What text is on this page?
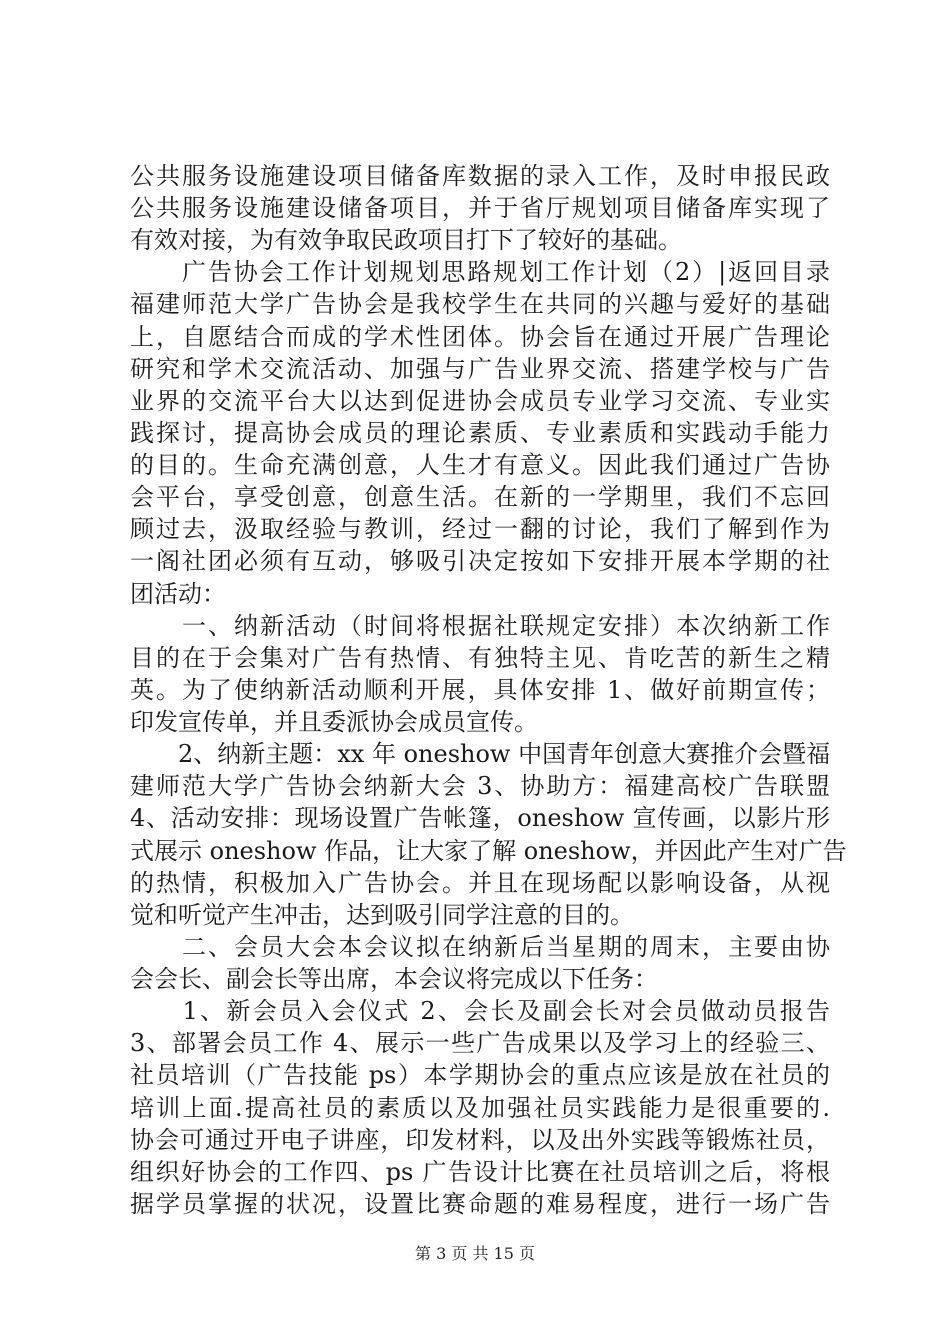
公共服务设施建设项目储备库数据的录入工作，及时申报民政
公共服务设施建设储备项目，并于省厅规划项目储备库实现了
有效对接，为有效争取民政项目打下了较好的基础。
　　广告协会工作计划规划思路规划工作计划（2）|返回目录
福建师范大学广告协会是我校学生在共同的兴趣与爱好的基础
上，自愿结合而成的学术性团体。协会旨在通过开展广告理论
研究和学术交流活动、加强与广告业界交流、搭建学校与广告
业界的交流平台大以达到促进协会成员专业学习交流、专业实
践探讨，提高协会成员的理论素质、专业素质和实践动手能力
的目的。生命充满创意，人生才有意义。因此我们通过广告协
会平台，享受创意，创意生活。在新的一学期里，我们不忘回
顾过去，汲取经验与教训，经过一翻的讨论，我们了解到作为
一阁社团必须有互动，够吸引决定按如下安排开展本学期的社
团活动：
　　一、纳新活动（时间将根据社联规定安排）本次纳新工作
目的在于会集对广告有热情、有独特主见、肯吃苦的新生之精
英。为了使纳新活动顺利开展，具体安排 1、做好前期宣传；
印发宣传单，并且委派协会成员宣传。
　　2、纳新主题：xx 年 oneshow 中国青年创意大赛推介会暨福
建师范大学广告协会纳新大会 3、协助方：福建高校广告联盟
4、活动安排：现场设置广告帐篷，oneshow 宣传画，以影片形
式展示 oneshow 作品，让大家了解 oneshow，并因此产生对广告
的热情，积极加入广告协会。并且在现场配以影响设备，从视
觉和听觉产生冲击，达到吸引同学注意的目的。
　　二、会员大会本会议拟在纳新后当星期的周末，主要由协
会会长、副会长等出席，本会议将完成以下任务：
　　1、新会员入会仪式 2、会长及副会长对会员做动员报告
3、部署会员工作 4、展示一些广告成果以及学习上的经验三、
社员培训（广告技能 ps）本学期协会的重点应该是放在社员的
培训上面.提高社员的素质以及加强社员实践能力是很重要的.
协会可通过开电子讲座，印发材料，以及出外实践等锻炼社员，
组织好协会的工作四、ps 广告设计比赛在社员培训之后，将根
据学员掌握的状况，设置比赛命题的难易程度，进行一场广告
第 3 页 共 15 页
